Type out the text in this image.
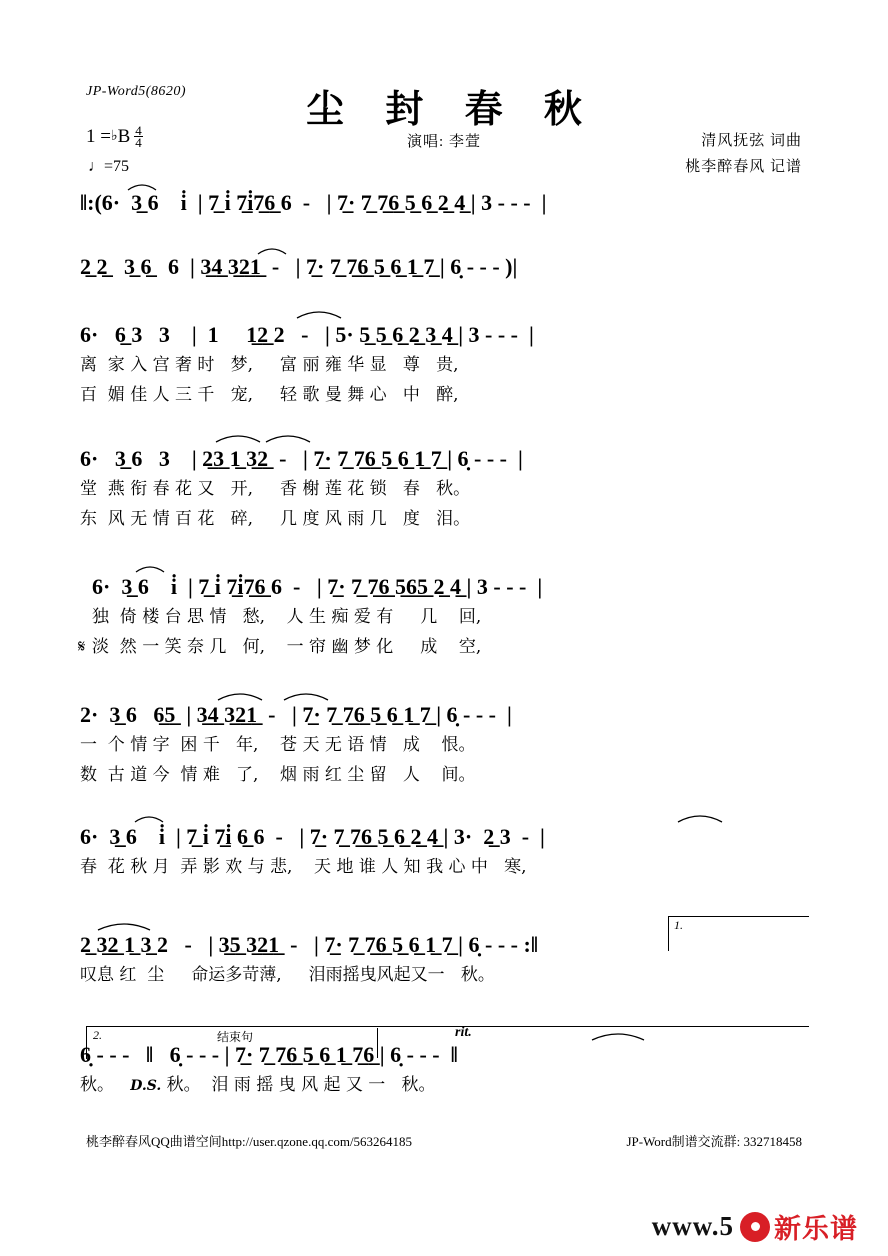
JP-Word5(8620)	尘 封 春 秋
演唱: 李萱	清风抚弦 词曲
桃李醉春风 记谱
1 =♭B $\frac{4}{4}$
♩=75
‖:(6·  3̲ 6    i̇  | 7̲ i̇ 7̲i̇7̲6̲ 6  -   | 7̲· 7̲ 7̲6̲ 5̲ 6̲ 2̲ 4̲ | 3 - - -  |
2̲ 2̲   3̲ 6̲   6  | 3̲4̲ 3̲2̲1̲  -   | 7̲· 7̲ 7̲6̲ 5̲ 6̲ 1̲ 7̲ | 6̣ - - - )|
6·   6̲ 3   3    |  1     1̲2̲ 2   -   | 5· 5̲ 5̲ 6̲ 2̲ 3̲ 4̲ | 3 - - -  |
离  家 入 宫 奢 时   梦,     富 丽 雍 华 显   尊   贵,
百  媚 佳 人 三 千   宠,     轻 歌 曼 舞 心   中   醉,
6·   3̲ 6   3    | 2̲3̲ 1̲ 3̲2̲  -   | 7̲· 7̲ 7̲6̲ 5̲ 6̲ 1̲ 7̲ | 6̣ - - -  |
堂  燕 衔 春 花 又   开,     香 榭 莲 花 锁   春   秋。
东  风 无 情 百 花   碎,     几 度 风 雨 几   度   泪。
6·  3̲ 6    i̇  | 7̲ i̇ 7̲i̇7̲6̲ 6  -   | 7̲· 7̲ 7̲6̲ 5̲6̲5̲ 2̲ 4̲ | 3 - - -  |
独  倚 楼 台 思 情   愁,    人 生 痴 爱 有     几    回,
淡  然 一 笑 奈 几   何,    一 帘 幽 梦 化     成    空,
𝄋
2·  3̲ 6   6̲5̲  | 3̲4̲ 3̲2̲1̲  -   | 7̲· 7̲ 7̲6̲ 5̲ 6̲ 1̲ 7̲ | 6̣ - - -  |
一  个 情 字  困 千   年,    苍 天 无 语 情   成    恨。
数  古 道 今  情 难   了,    烟 雨 红 尘 留   人    间。
6·  3̲ 6    i̇  | 7̲ i̇ 7̲i̇ 6̲ 6  -   | 7̲· 7̲ 7̲6̲ 5̲ 6̲ 2̲ 4̲ | 3·  2̲ 3  -  |
春  花 秋 月  弄 影 欢 与 悲,    天 地 谁 人 知 我 心 中   寒,
1.
2̲ 3̲2̲ 1̲ 3̲ 2   -   | 3̲5̲ 3̲2̲1̲  -   | 7̲· 7̲ 7̲6̲ 5̲ 6̲ 1̲ 7̲ | 6̣ - - - :‖
叹息 红  尘     命运多苛薄,     泪雨摇曳风起又一   秋。
2.	结束句	rit.
6̣ - - -   ‖   6̣ - - - | 7̲· 7̲ 7̲6̲ 5̲ 6̲ 1̲ 7̲6̲ | 6̣ - - -  ‖
秋。 D.S. 秋。 泪 雨 摇 曳 风 起 又 一   秋。
桃李醉春风QQ曲谱空间http://user.qzone.qq.com/563264185	JP-Word制谱交流群: 332718458
www.5 新乐谱
